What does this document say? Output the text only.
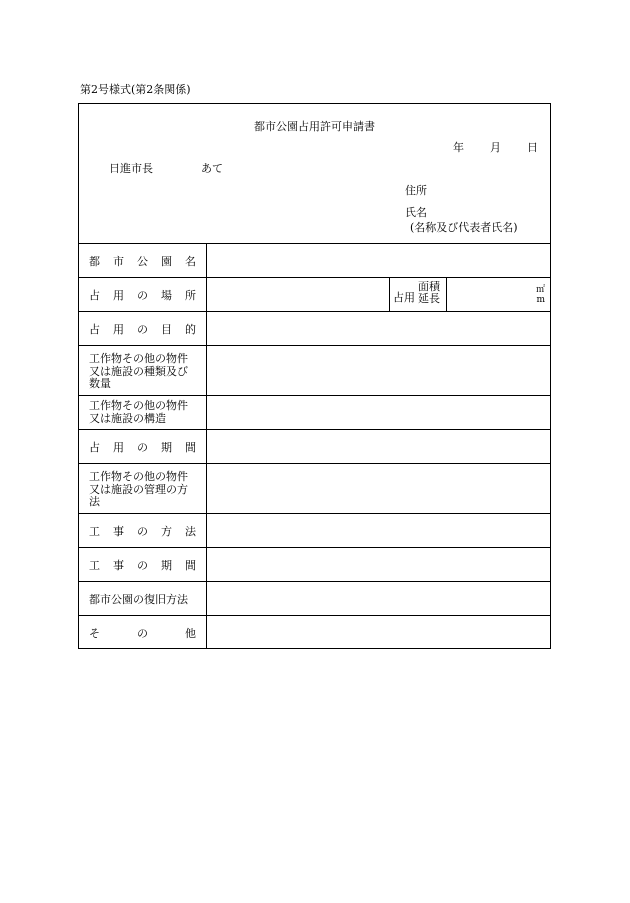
第2号様式(第2条関係)
都市公園占用許可申請書
年 月 日
日進市長	あて
住所
氏名
(名称及び代表者氏名)
都市公園名
占用の場所	占用
面積
延長
㎡
m
占用の目的
工作物その他の物件
又は施設の種類及び
数量
工作物その他の物件
又は施設の構造
占用の期間
工作物その他の物件
又は施設の管理の方
法
工事の方法
工事の期間
都市公園の復旧方法
その他
